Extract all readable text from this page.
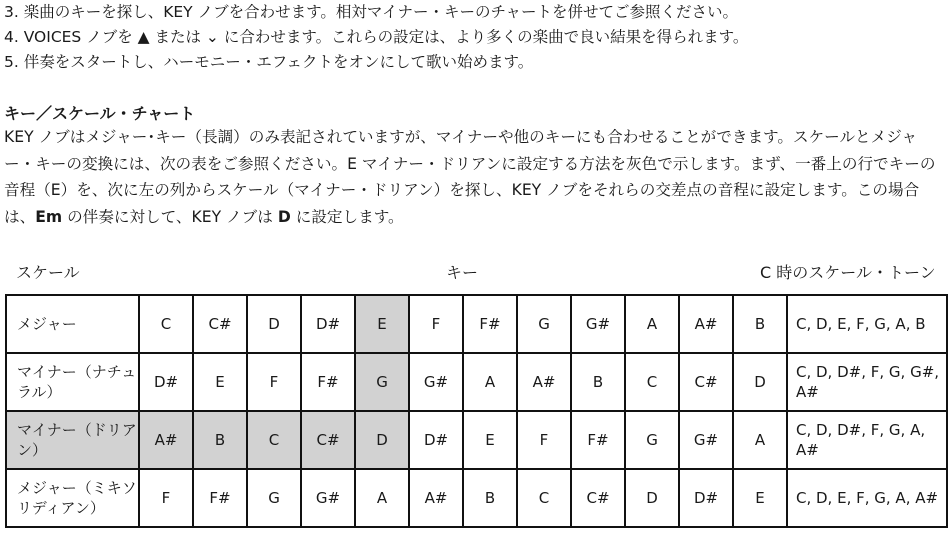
3. 楽曲のキーを探し、KEY ノブを合わせます。相対マイナー・キーのチャートを併せてご参照ください。
4. VOICES ノブを ▲ または ⌄ に合わせます。これらの設定は、より多くの楽曲で良い結果を得られます。
5. 伴奏をスタートし、ハーモニー・エフェクトをオンにして歌い始めます。
キー／スケール・チャート
KEY ノブはメジャー･キー（長調）のみ表記されていますが、マイナーや他のキーにも合わせることができます。スケールとメジャー・キーの変換には、次の表をご参照ください。E マイナー・ドリアンに設定する方法を灰色で示します。まず、一番上の行でキーの音程（E）を、次に左の列からスケール（マイナー・ドリアン）を探し、KEY ノブをそれらの交差点の音程に設定します。この場合は、Em の伴奏に対して、KEY ノブは D に設定します。
スケール	キー	C 時のスケール・トーン
メジャー	C	C#	D	D#	E	F	F#	G	G#	A	A#	B	C, D, E, F, G, A, B
マイナー（ナチュラル）	D#	E	F	F#	G	G#	A	A#	B	C	C#	D	C, D, D#, F, G, G#, A#
マイナー（ドリアン）	A#	B	C	C#	D	D#	E	F	F#	G	G#	A	C, D, D#, F, G, A, A#
メジャー（ミキソリディアン）	F	F#	G	G#	A	A#	B	C	C#	D	D#	E	C, D, E, F, G, A, A#
